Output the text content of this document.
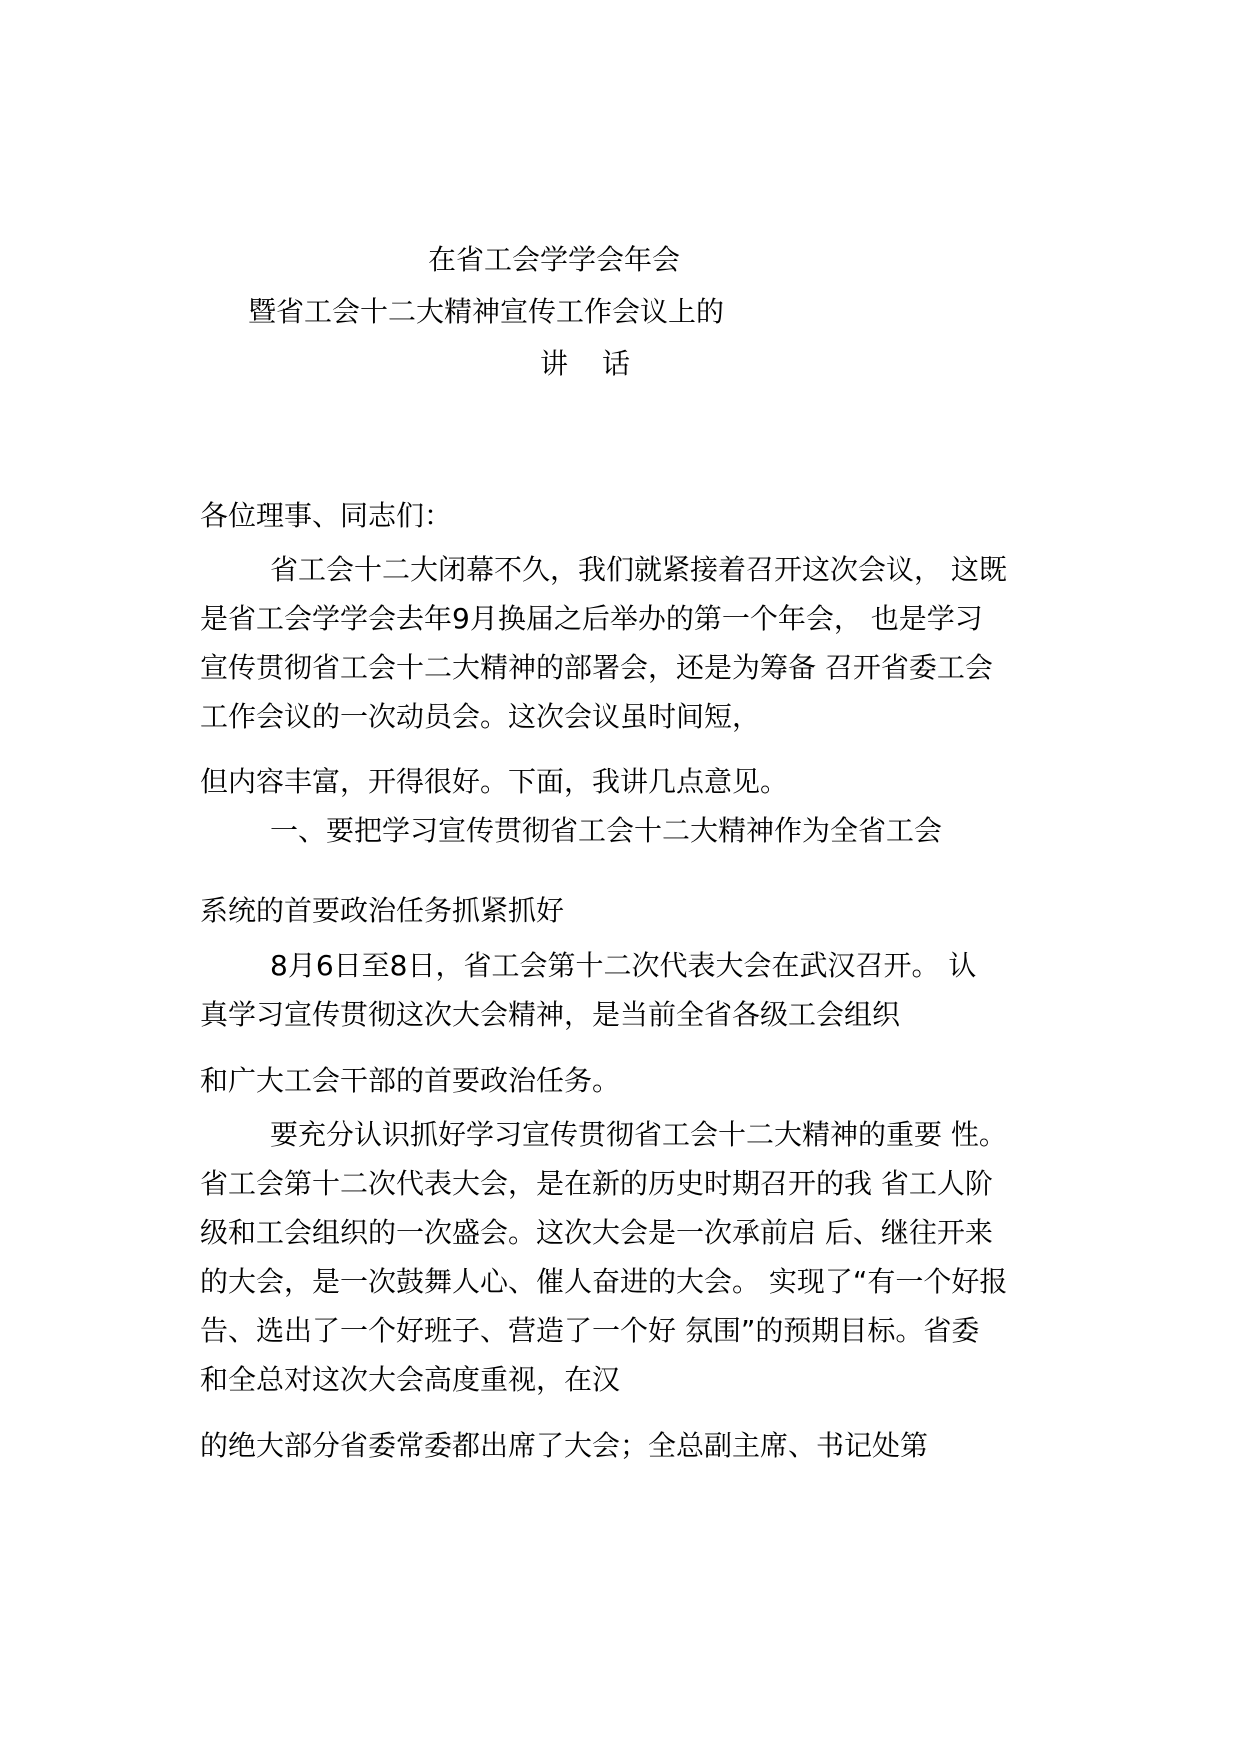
在省工会学学会年会
暨省工会十二大精神宣传工作会议上的
讲话
各位理事、同志们：
省工会十二大闭幕不久，我们就紧接着召开这次会议， 这既
是省工会学学会去年9月换届之后举办的第一个年会， 也是学习
宣传贯彻省工会十二大精神的部署会，还是为筹备 召开省委工会
工作会议的一次动员会。这次会议虽时间短，
但内容丰富，开得很好。下面，我讲几点意见。
一、要把学习宣传贯彻省工会十二大精神作为全省工会
系统的首要政治任务抓紧抓好
8月6日至8日，省工会第十二次代表大会在武汉召开。 认
真学习宣传贯彻这次大会精神，是当前全省各级工会组织
和广大工会干部的首要政治任务。
要充分认识抓好学习宣传贯彻省工会十二大精神的重要 性。
省工会第十二次代表大会，是在新的历史时期召开的我 省工人阶
级和工会组织的一次盛会。这次大会是一次承前启 后、继往开来
的大会，是一次鼓舞人心、催人奋进的大会。 实现了“有一个好报
告、选出了一个好班子、营造了一个好 氛围”的预期目标。省委
和全总对这次大会高度重视，在汉
的绝大部分省委常委都出席了大会；全总副主席、书记处第
